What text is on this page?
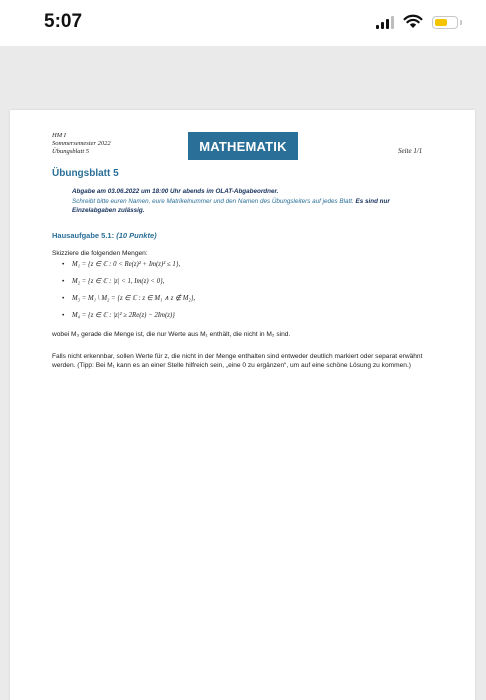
5:07
HM I
Sommersemester 2022
Übungsblatt 5	MATHEMATIK	Seite 1/1
Übungsblatt 5
Abgabe am 03.06.2022 um 18:00 Uhr abends im OLAT-Abgabeordner.
Schreibt bitte euren Namen, eure Matrikelnummer und den Namen des Übungsleiters auf jedes Blatt. Es sind nur Einzelabgaben zulässig.
Hausaufgabe 5.1: (10 Punkte)
Skizziere die folgenden Mengen:
• M₁ = {z ∈ ℂ : 0 < Re(z)² + Im(z)² ≤ 1},
• M₂ = {z ∈ ℂ : |z| < 1, Im(z) < 0},
• M₃ = M₁ \ M₂ = {z ∈ ℂ : z ∈ M₁ ∧ z ∉ M₂},
• M₄ = {z ∈ ℂ : |z|² ≥ 2Re(z) − 2Im(z)}
wobei M₃ gerade die Menge ist, die nur Werte aus M₁ enthält, die nicht in M₂ sind.
Falls nicht erkennbar, sollen Werte für z, die nicht in der Menge enthalten sind entweder deutlich markiert oder separat erwähnt werden. (Tipp: Bei M₁ kann es an einer Stelle hilfreich sein, „eine 0 zu ergänzen“, um auf eine schöne Lösung zu kommen.)
